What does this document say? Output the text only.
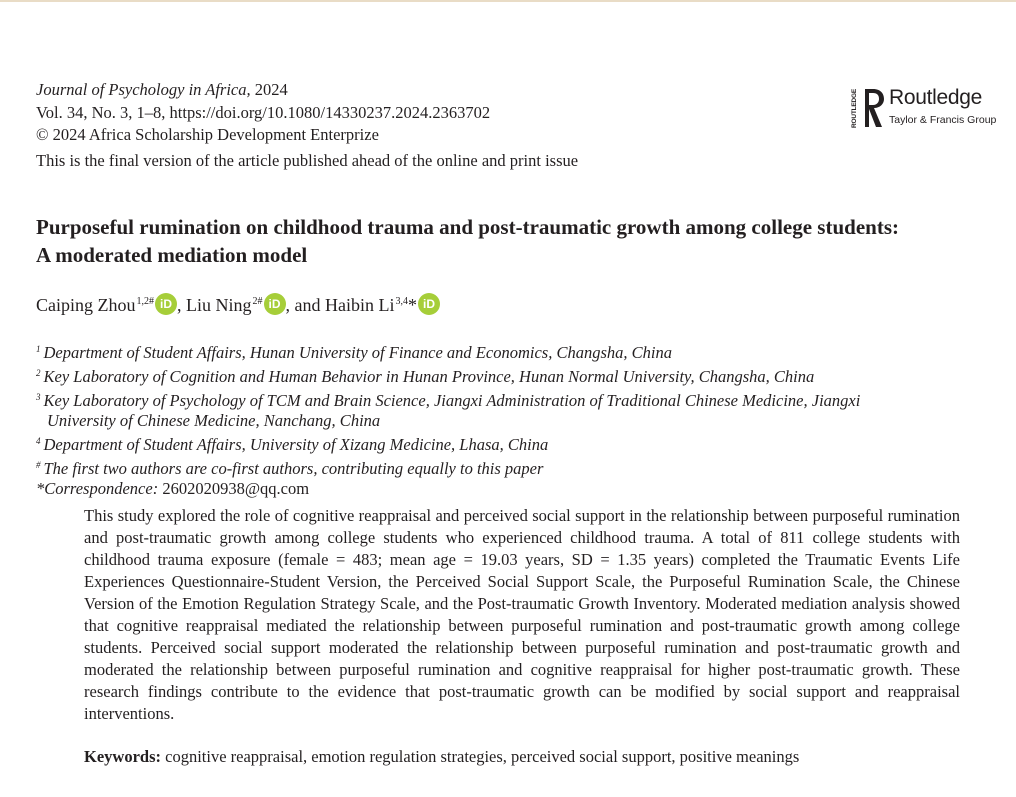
Journal of Psychology in Africa, 2024
Vol. 34, No. 3, 1–8, https://doi.org/10.1080/14330237.2024.2363702
© 2024 Africa Scholarship Development Enterprize
This is the final version of the article published ahead of the online and print issue
ROUTLEDGE Routledge
Taylor & Francis Group
Purposeful rumination on childhood trauma and post-traumatic growth among college students:
A moderated mediation model
Caiping Zhou$^{1,2\#}$ iD , Liu Ning$^{2\#}$ iD , and Haibin Li$^{3,4}$* iD
$^1$ Department of Student Affairs, Hunan University of Finance and Economics, Changsha, China
$^2$ Key Laboratory of Cognition and Human Behavior in Hunan Province, Hunan Normal University, Changsha, China
$^3$ Key Laboratory of Psychology of TCM and Brain Science, Jiangxi Administration of Traditional Chinese Medicine, Jiangxi
University of Chinese Medicine, Nanchang, China
$^4$ Department of Student Affairs, University of Xizang Medicine, Lhasa, China
# The first two authors are co-first authors, contributing equally to this paper
*Correspondence: 2602020938@qq.com
This study explored the role of cognitive reappraisal and perceived social support in the relationship between purposeful rumination and post-traumatic growth among college students who experienced childhood trauma. A total of 811 college students with childhood trauma exposure (female = 483; mean age = 19.03 years, SD = 1.35 years) completed the Traumatic Events Life Experiences Questionnaire-Student Version, the Perceived Social Support Scale, the Purposeful Rumination Scale, the Chinese Version of the Emotion Regulation Strategy Scale, and the Post-traumatic Growth Inventory. Moderated mediation analysis showed that cognitive reappraisal mediated the relationship between purposeful rumination and post-traumatic growth among college students. Perceived social support moderated the relationship between purposeful rumination and post-traumatic growth and moderated the relationship between purposeful rumination and cognitive reappraisal for higher post-traumatic growth. These research findings contribute to the evidence that post-traumatic growth can be modified by social support and reappraisal interventions.
Keywords: cognitive reappraisal, emotion regulation strategies, perceived social support, positive meanings
